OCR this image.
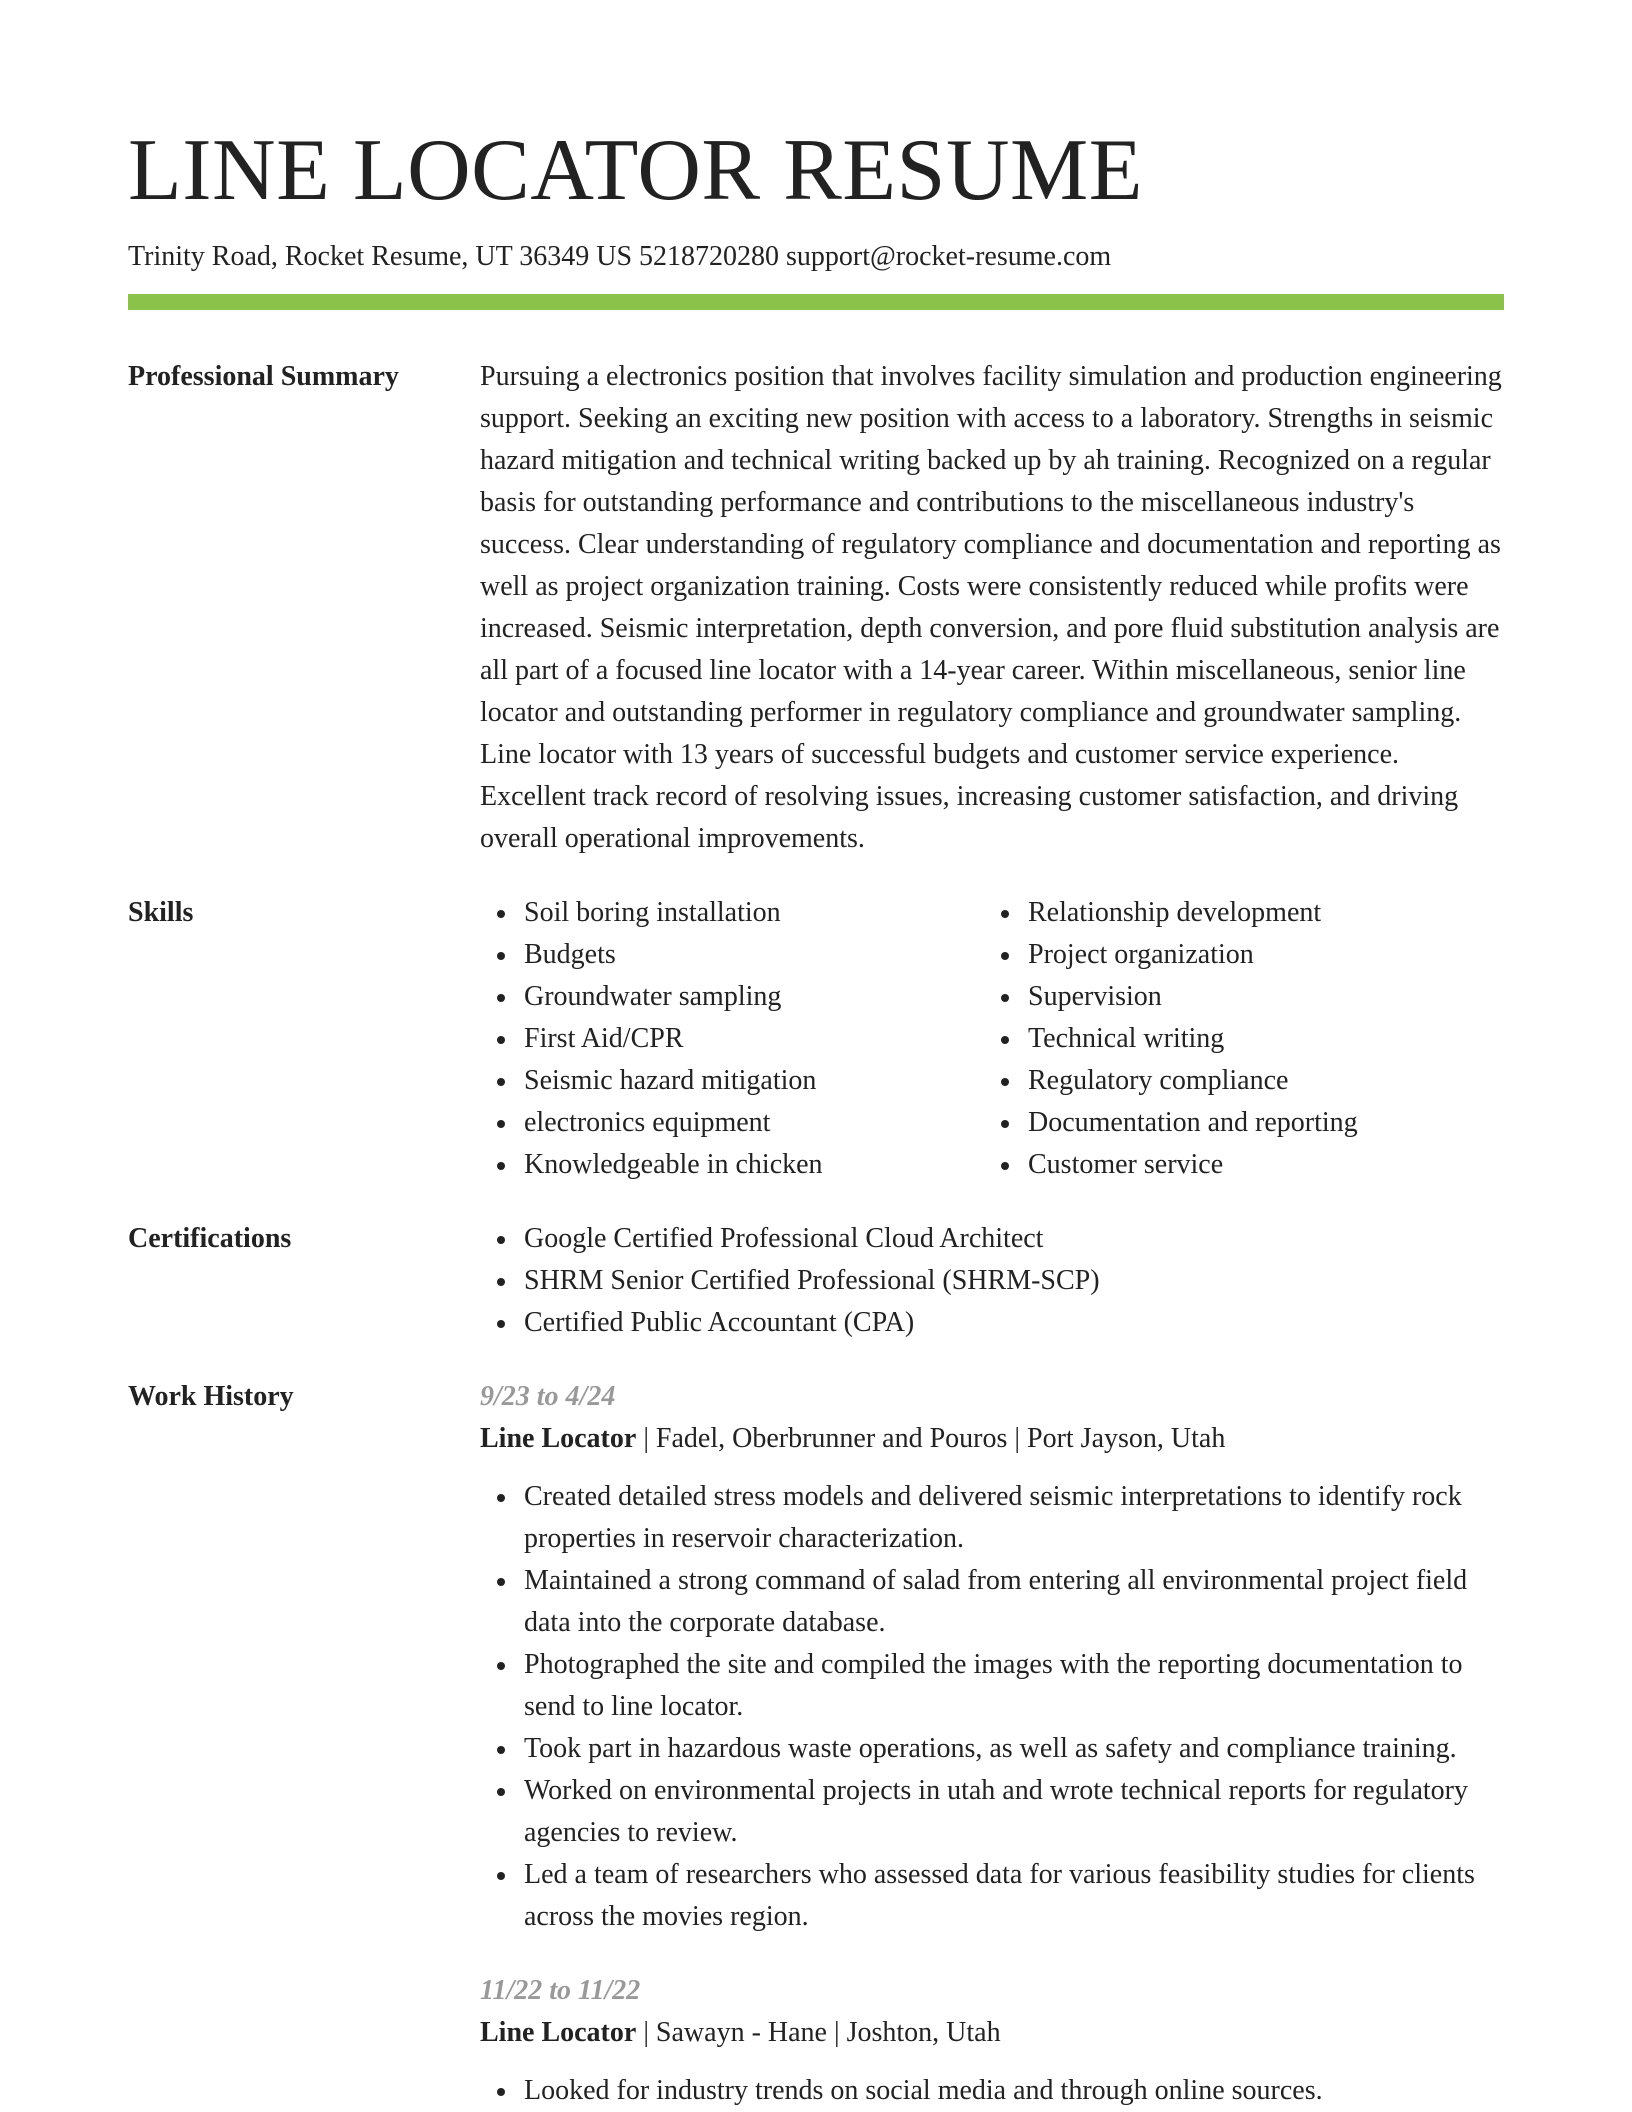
LINE LOCATOR RESUME
Trinity Road, Rocket Resume, UT 36349 US 5218720280 support@rocket-resume.com
Professional Summary	Pursuing a electronics position that involves facility simulation and production engineering support. Seeking an exciting new position with access to a laboratory. Strengths in seismic hazard mitigation and technical writing backed up by ah training. Recognized on a regular basis for outstanding performance and contributions to the miscellaneous industry's success. Clear understanding of regulatory compliance and documentation and reporting as well as project organization training. Costs were consistently reduced while profits were increased. Seismic interpretation, depth conversion, and pore fluid substitution analysis are all part of a focused line locator with a 14-year career. Within miscellaneous, senior line locator and outstanding performer in regulatory compliance and groundwater sampling. Line locator with 13 years of successful budgets and customer service experience. Excellent track record of resolving issues, increasing customer satisfaction, and driving overall operational improvements.

Skills	Soil boring installation
Budgets
Groundwater sampling
First Aid/CPR
Seismic hazard mitigation
electronics equipment
Knowledgeable in chicken
Relationship development
Project organization
Supervision
Technical writing
Regulatory compliance
Documentation and reporting
Customer service
Certifications	Google Certified Professional Cloud Architect
SHRM Senior Certified Professional (SHRM-SCP)
Certified Public Accountant (CPA)
Work History	9/23 to 4/24
Line Locator | Fadel, Oberbrunner and Pouros | Port Jayson, Utah
Created detailed stress models and delivered seismic interpretations to identify rock properties in reservoir characterization.
Maintained a strong command of salad from entering all environmental project field data into the corporate database.
Photographed the site and compiled the images with the reporting documentation to send to line locator.
Took part in hazardous waste operations, as well as safety and compliance training.
Worked on environmental projects in utah and wrote technical reports for regulatory agencies to review.
Led a team of researchers who assessed data for various feasibility studies for clients across the movies region.
11/22 to 11/22
Line Locator | Sawayn - Hane | Joshton, Utah
Looked for industry trends on social media and through online sources.
